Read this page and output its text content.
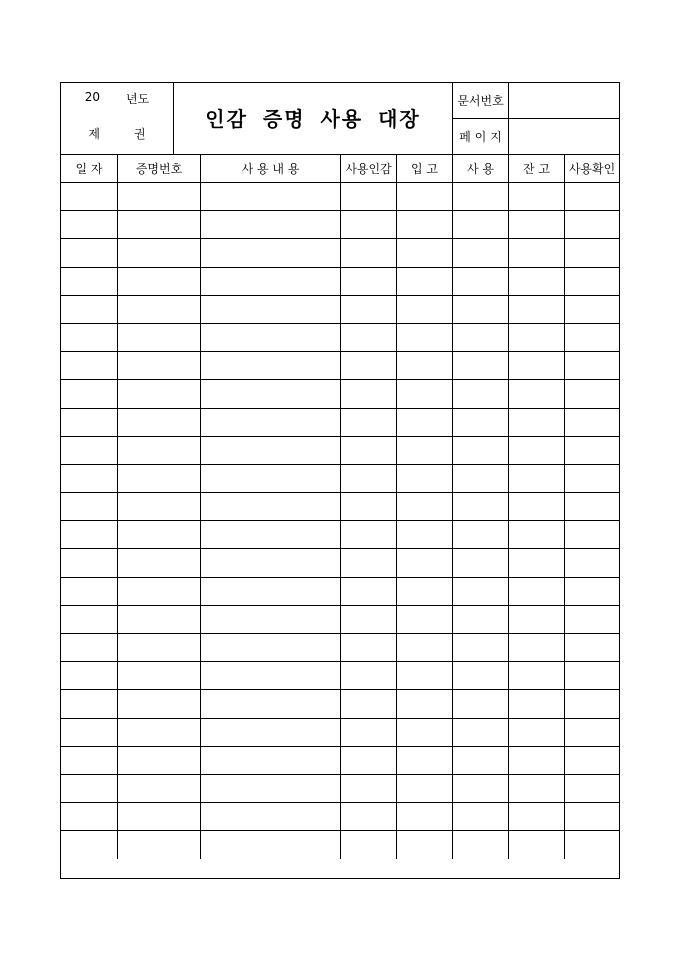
20 년도
제	권
인감 증명 사용 대장
문서번호
페 이 지
일 자	증명번호	사 용 내 용	사용인감	입 고	사 용	잔 고	사용확인
